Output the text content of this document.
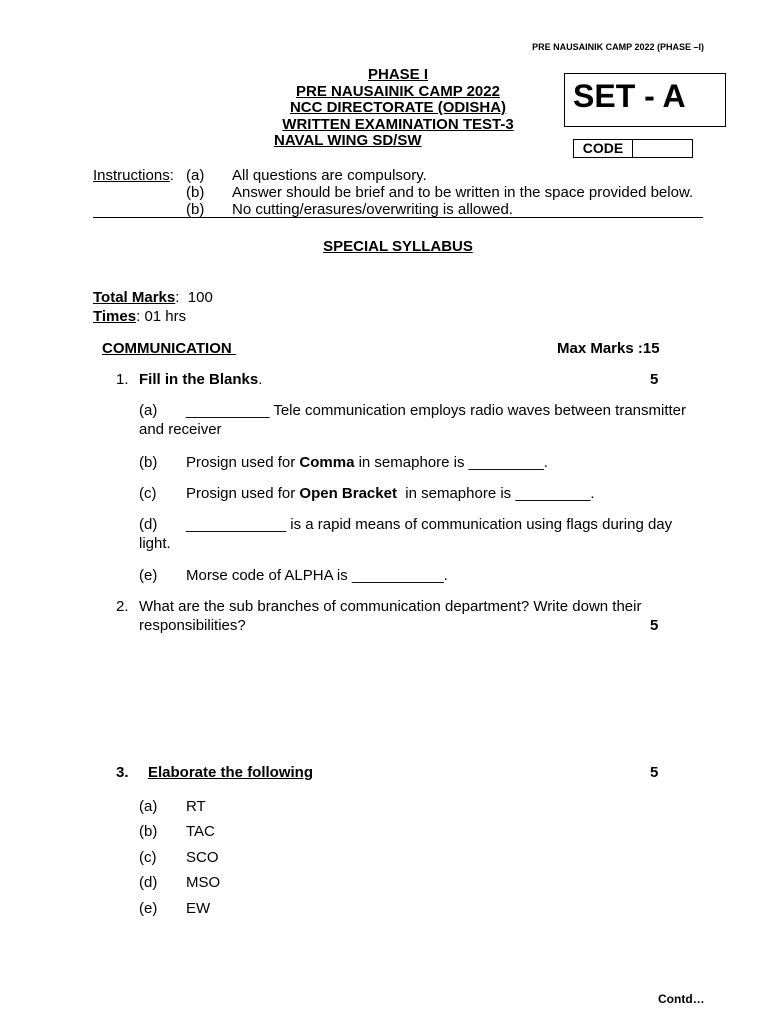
PRE NAUSAINIK CAMP 2022 (PHASE –I)
PHASE I
PRE NAUSAINIK CAMP 2022
NCC DIRECTORATE (ODISHA)
WRITTEN EXAMINATION TEST-3
NAVAL WING SD/SW
SET - A
CODE
Instructions: (a) All questions are compulsory.
(b) Answer should be brief and to be written in the space provided below.
(b) No cutting/erasures/overwriting is allowed.
SPECIAL SYLLABUS
Total Marks:  100
Times: 01 hrs
COMMUNICATION	Max Marks :15
1. Fill in the Blanks.	5
(a) __________ Tele communication employs radio waves between transmitter
and receiver
(b) Prosign used for Comma in semaphore is _________.
(c) Prosign used for Open Bracket  in semaphore is _________.
(d) ____________ is a rapid means of communication using flags during day
light.
(e) Morse code of ALPHA is ___________.
2. What are the sub branches of communication department? Write down their
responsibilities?	5
3. Elaborate the following	5
(a) RT
(b) TAC
(c) SCO
(d) MSO
(e) EW
Contd…
